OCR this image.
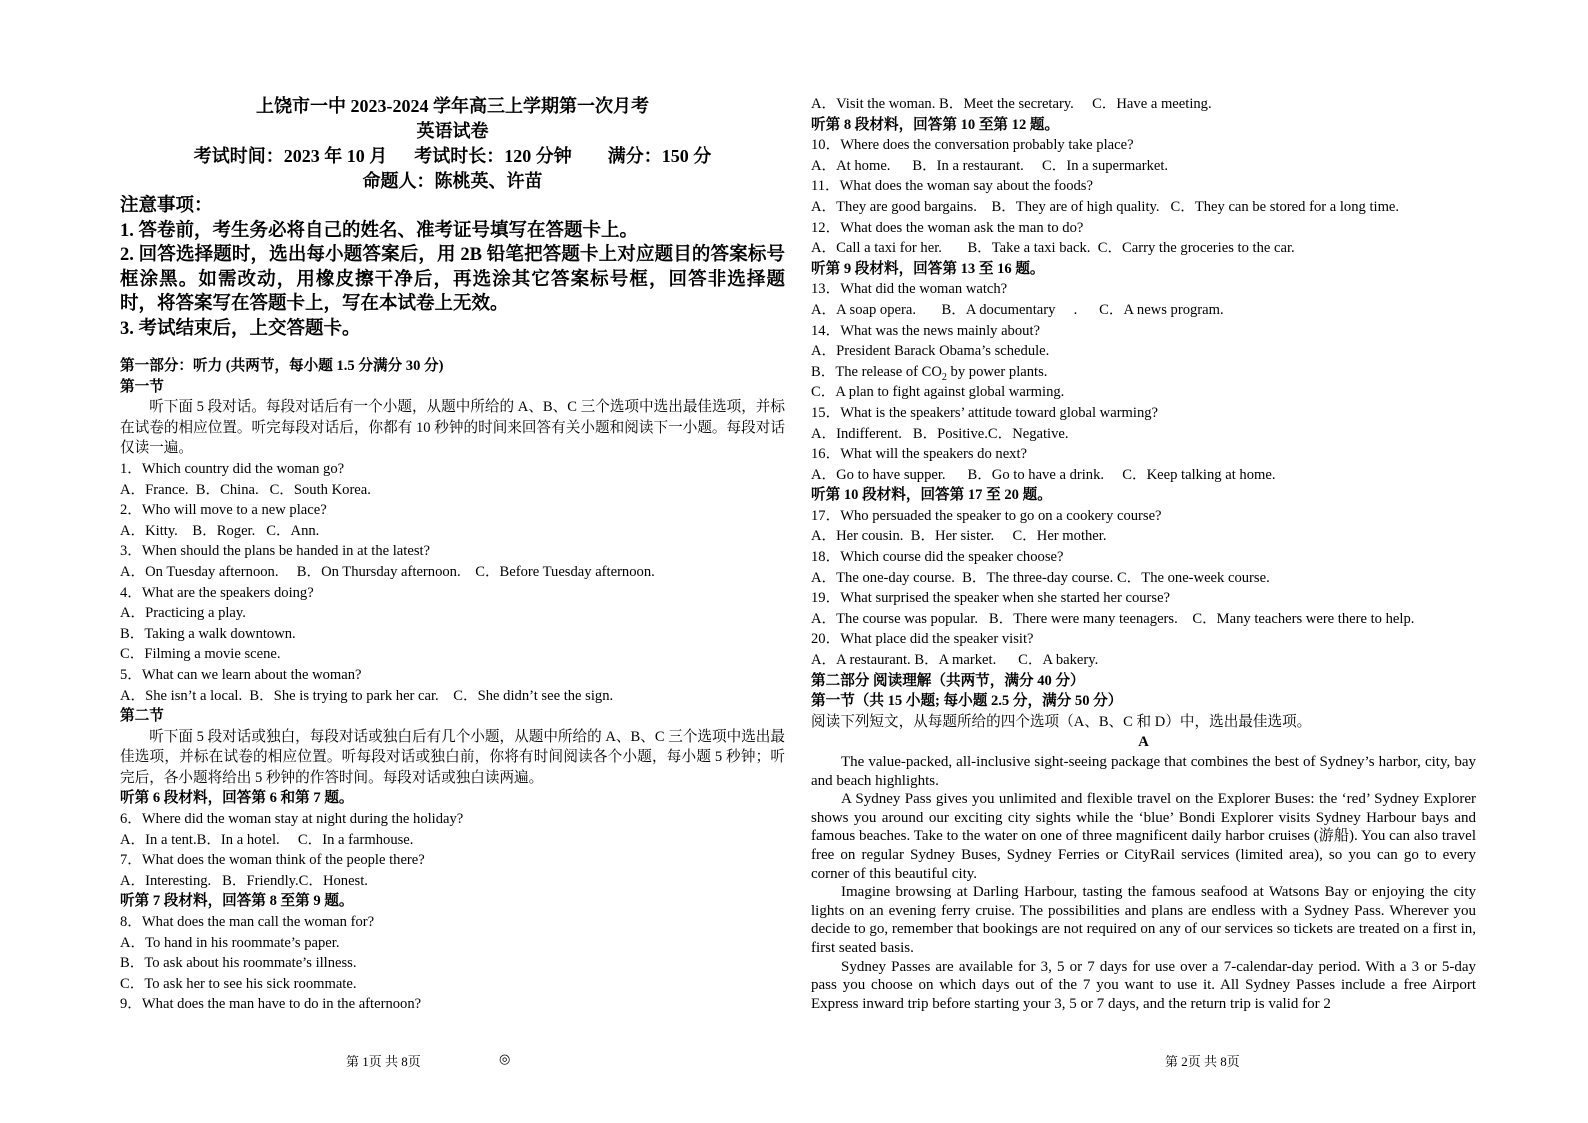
上饶市一中 2023-2024 学年高三上学期第一次月考
英语试卷
考试时间：2023 年 10 月 考试时长：120 分钟 满分：150 分
命题人：陈桃英、许苗
注意事项：
1. 答卷前，考生务必将自己的姓名、准考证号填写在答题卡上。
2. 回答选择题时，选出每小题答案后，用 2B 铅笔把答题卡上对应题目的答案标号框涂黑。如需改动，用橡皮擦干净后，再选涂其它答案标号框，回答非选择题时，将答案写在答题卡上，写在本试卷上无效。
3. 考试结束后，上交答题卡。
第一部分：听力 (共两节，每小题 1.5 分满分 30 分)
第一节
听下面 5 段对话。每段对话后有一个小题，从题中所给的 A、B、C 三个选项中选出最佳选项，并标在试卷的相应位置。听完每段对话后，你都有 10 秒钟的时间来回答有关小题和阅读下一小题。每段对话仅读一遍。
1．Which country did the woman go?
A．France.  B．China.   C．South Korea.
2．Who will move to a new place?
A．Kitty.    B．Roger.   C．Ann.
3．When should the plans be handed in at the latest?
A．On Tuesday afternoon.     B．On Thursday afternoon.    C．Before Tuesday afternoon.
4．What are the speakers doing?
A．Practicing a play.
B．Taking a walk downtown.
C．Filming a movie scene.
5．What can we learn about the woman?
A．She isn’t a local.  B．She is trying to park her car.    C．She didn’t see the sign.
第二节
听下面 5 段对话或独白，每段对话或独白后有几个小题，从题中所给的 A、B、C 三个选项中选出最佳选项，并标在试卷的相应位置。听每段对话或独白前，你将有时间阅读各个小题，每小题 5 秒钟；听完后，各小题将给出 5 秒钟的作答时间。每段对话或独白读两遍。
听第 6 段材料，回答第 6 和第 7 题。
6．Where did the woman stay at night during the holiday?
A．In a tent.B．In a hotel.     C．In a farmhouse.
7．What does the woman think of the people there?
A．Interesting.   B．Friendly.C．Honest.
听第 7 段材料，回答第 8 至第 9 题。
8．What does the man call the woman for?
A．To hand in his roommate’s paper.
B．To ask about his roommate’s illness.
C．To ask her to see his sick roommate.
9．What does the man have to do in the afternoon?
A．Visit the woman. B．Meet the secretary.     C．Have a meeting.
听第 8 段材料，回答第 10 至第 12 题。
10．Where does the conversation probably take place?
A．At home.      B．In a restaurant.     C．In a supermarket.
11．What does the woman say about the foods?
A．They are good bargains.    B．They are of high quality.   C．They can be stored for a long time.
12．What does the woman ask the man to do?
A．Call a taxi for her.       B．Take a taxi back.  C．Carry the groceries to the car.
听第 9 段材料，回答第 13 至 16 题。
13．What did the woman watch?
A．A soap opera.       B．A documentary     .      C．A news program.
14．What was the news mainly about?
A．President Barack Obama’s schedule.
B．The release of $CO_2$ by power plants.
C．A plan to fight against global warming.
15．What is the speakers’ attitude toward global warming?
A．Indifferent.   B．Positive.C．Negative.
16．What will the speakers do next?
A．Go to have supper.      B．Go to have a drink.     C．Keep talking at home.
听第 10 段材料，回答第 17 至 20 题。
17．Who persuaded the speaker to go on a cookery course?
A．Her cousin.  B．Her sister.     C．Her mother.
18．Which course did the speaker choose?
A．The one-day course.  B．The three-day course. C．The one-week course.
19．What surprised the speaker when she started her course?
A．The course was popular.   B．There were many teenagers.    C．Many teachers were there to help.
20．What place did the speaker visit?
A．A restaurant. B．A market.      C．A bakery.
第二部分 阅读理解（共两节，满分 40 分）
第一节（共 15 小题; 每小题 2.5 分，满分 50 分）
阅读下列短文，从每题所给的四个选项（A、B、C 和 D）中，选出最佳选项。
A
The value-packed, all-inclusive sight-seeing package that combines the best of Sydney’s harbor, city, bay and beach highlights.
A Sydney Pass gives you unlimited and flexible travel on the Explorer Buses: the ‘red’ Sydney Explorer shows you around our exciting city sights while the ‘blue’ Bondi Explorer visits Sydney Harbour bays and famous beaches. Take to the water on one of three magnificent daily harbor cruises (游船). You can also travel free on regular Sydney Buses, Sydney Ferries or CityRail services (limited area), so you can go to every corner of this beautiful city.
Imagine browsing at Darling Harbour, tasting the famous seafood at Watsons Bay or enjoying the city lights on an evening ferry cruise. The possibilities and plans are endless with a Sydney Pass. Wherever you decide to go, remember that bookings are not required on any of our services so tickets are treated on a first in, first seated basis.
Sydney Passes are available for 3, 5 or 7 days for use over a 7-calendar-day period. With a 3 or 5-day pass you choose on which days out of the 7 you want to use it. All Sydney Passes include a free Airport Express inward trip before starting your 3, 5 or 7 days, and the return trip is valid for 2
第 1页 共 8页	◎	第 2页 共 8页
